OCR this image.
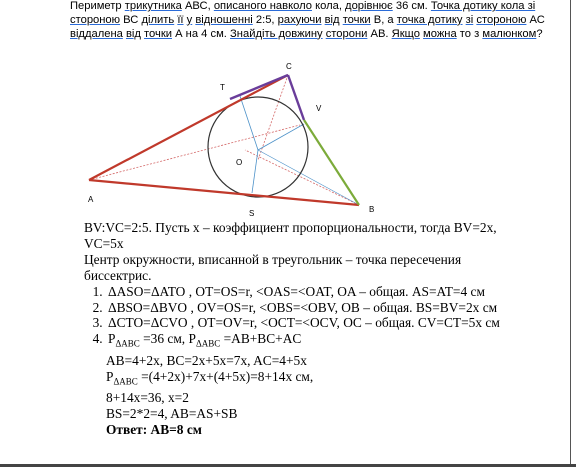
Периметр трикутника АВС, описаного навколо кола, дорівнює 36 см. Точка дотику кола зі стороною ВС ділить її у відношенні 2:5, рахуючи від точки В, а точка дотику зі стороною АС віддалена від точки А на 4 см. Знайдіть довжину сторони АВ. Якщо можна то з малюнком?

A
B
C
T
V
O
S

BV:VC=2:5. Пусть х – коэффициент пропорциональности, тогда BV=2x,

VC=5x

Центр окружности, вписанной в треугольник – точка пересечения

биссектрис.

1. ΔASO=ΔATO , OT=OS=r, <OAS=<OAT, OA – общая. AS=AT=4 см
2. ΔBSO=ΔBVO , OV=OS=r, <OBS=<OBV, OB – общая. BS=BV=2x см
3. ΔCTO=ΔCVO , OT=OV=r, <OCT=<OCV, OC – общая. CV=CT=5x см
4. $P_{\Delta ABC} =36$ см, $P_{\Delta ABC} =AB+BC+AC$

AB=4+2x, BC=2x+5x=7x, AC=4+5x

$P_{\Delta ABC} =(4+2x)+7x+(4+5x)=8+14x$ см,

8+14x=36, x=2

BS=2*2=4, AB=AS+SB

Ответ: AB=8 см
